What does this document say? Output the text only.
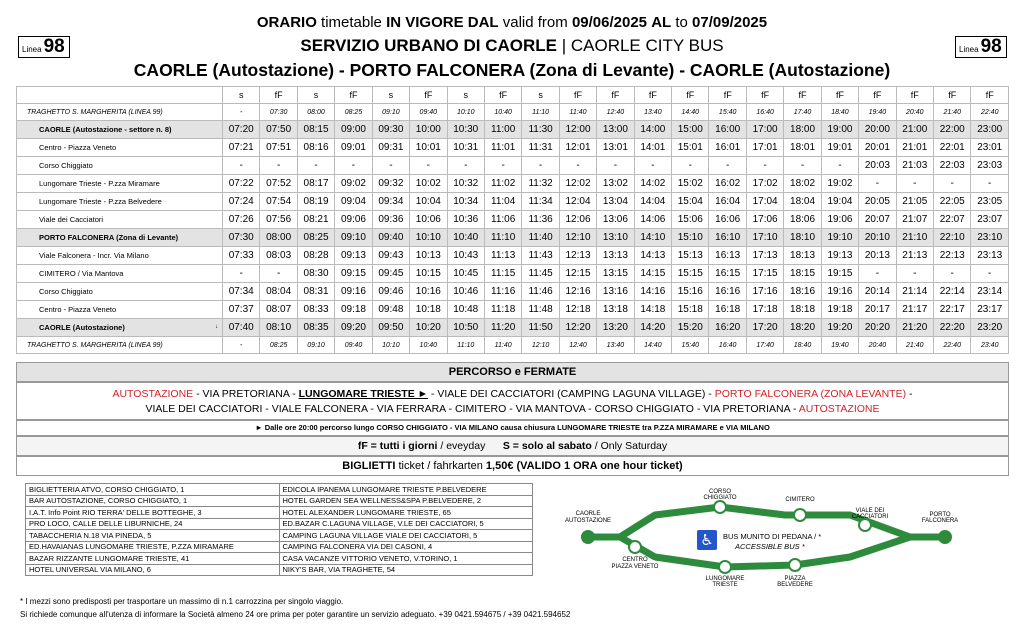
ORARIO timetable IN VIGORE DAL valid from 09/06/2025 AL to 07/09/2025
SERVIZIO URBANO DI CAORLE | CAORLE CITY BUS
CAORLE (Autostazione) - PORTO FALCONERA (Zona di Levante) - CAORLE (Autostazione)
Linea 98	Linea 98
	s	fF	s	fF	s	fF	s	fF	s	fF	fF	fF	fF	fF	fF	fF	fF	fF	fF	fF	fF
TRAGHETTO S. MARGHERITA (LINEA 99)	-	07:30	08:00	08:25	09:10	09:40	10:10	10:40	11:10	11:40	12:40	13:40	14:40	15:40	16:40	17:40	18:40	19:40	20:40	21:40	22:40
CAORLE (Autostazione - settore n. 8)	07:20	07:50	08:15	09:00	09:30	10:00	10:30	11:00	11:30	12:00	13:00	14:00	15:00	16:00	17:00	18:00	19:00	20:00	21:00	22:00	23:00
Centro - Piazza Veneto	07:21	07:51	08:16	09:01	09:31	10:01	10:31	11:01	11:31	12:01	13:01	14:01	15:01	16:01	17:01	18:01	19:01	20:01	21:01	22:01	23:01
Corso Chiggiato	-	-	-	-	-	-	-	-	-	-	-	-	-	-	-	-	-	20:03	21:03	22:03	23:03
Lungomare Trieste - P.zza Miramare	07:22	07:52	08:17	09:02	09:32	10:02	10:32	11:02	11:32	12:02	13:02	14:02	15:02	16:02	17:02	18:02	19:02	-	-	-	-
Lungomare Trieste - P.zza Belvedere	07:24	07:54	08:19	09:04	09:34	10:04	10:34	11:04	11:34	12:04	13:04	14:04	15:04	16:04	17:04	18:04	19:04	20:05	21:05	22:05	23:05
Viale dei Cacciatori	07:26	07:56	08:21	09:06	09:36	10:06	10:36	11:06	11:36	12:06	13:06	14:06	15:06	16:06	17:06	18:06	19:06	20:07	21:07	22:07	23:07
PORTO FALCONERA (Zona di Levante)	07:30	08:00	08:25	09:10	09:40	10:10	10:40	11:10	11:40	12:10	13:10	14:10	15:10	16:10	17:10	18:10	19:10	20:10	21:10	22:10	23:10
Viale Falconera - Incr. Via Milano	07:33	08:03	08:28	09:13	09:43	10:13	10:43	11:13	11:43	12:13	13:13	14:13	15:13	16:13	17:13	18:13	19:13	20:13	21:13	22:13	23:13
CIMITERO / Via Mantova	-	-	08:30	09:15	09:45	10:15	10:45	11:15	11:45	12:15	13:15	14:15	15:15	16:15	17:15	18:15	19:15	-	-	-	-
Corso Chiggiato	07:34	08:04	08:31	09:16	09:46	10:16	10:46	11:16	11:46	12:16	13:16	14:16	15:16	16:16	17:16	18:16	19:16	20:14	21:14	22:14	23:14
Centro - Piazza Veneto	07:37	08:07	08:33	09:18	09:48	10:18	10:48	11:18	11:48	12:18	13:18	14:18	15:18	16:18	17:18	18:18	19:18	20:17	21:17	22:17	23:17
CAORLE (Autostazione) ↓	07:40	08:10	08:35	09:20	09:50	10:20	10:50	11:20	11:50	12:20	13:20	14:20	15:20	16:20	17:20	18:20	19:20	20:20	21:20	22:20	23:20
TRAGHETTO S. MARGHERITA (LINEA 99)	-	08:25	09:10	09:40	10:10	10:40	11:10	11:40	12:10	12:40	13:40	14:40	15:40	16:40	17:40	18:40	19:40	20:40	21:40	22:40	23:40
PERCORSO e FERMATE
AUTOSTAZIONE - VIA PRETORIANA - LUNGOMARE TRIESTE ► - VIALE DEI CACCIATORI (CAMPING LAGUNA VILLAGE) - PORTO FALCONERA (ZONA LEVANTE) -
VIALE DEI CACCIATORI - VIALE FALCONERA - VIA FERRARA - CIMITERO - VIA MANTOVA - CORSO CHIGGIATO - VIA PRETORIANA - AUTOSTAZIONE
► Dalle ore 20:00 percorso lungo CORSO CHIGGIATO - VIA MILANO causa chiusura LUNGOMARE TRIESTE tra P.ZZA MIRAMARE e VIA MILANO
fF = tutti i giorni / eveyday      S = solo al sabato / Only Saturday
BIGLIETTI ticket / fahrkarten 1,50€ (VALIDO 1 ORA one hour ticket)
BIGLIETTERIA ATVO, CORSO CHIGGIATO, 1	EDICOLA IPANEMA LUNGOMARE TRIESTE P.BELVEDERE
BAR AUTOSTAZIONE, CORSO CHIGGIATO, 1	HOTEL GARDEN SEA WELLNESS&SPA P.BELVEDERE, 2
I.A.T. Info Point RIO TERRA' DELLE BOTTEGHE, 3	HOTEL ALEXANDER LUNGOMARE TRIESTE, 65
PRO LOCO, CALLE DELLE LIBURNICHE, 24	ED.BAZAR C.LAGUNA VILLAGE, V.LE DEI CACCIATORI, 5
TABACCHERIA N.18 VIA PINEDA, 5	CAMPING LAGUNA VILLAGE VIALE DEI CACCIATORI, 5
ED.HAVAIANAS LUNGOMARE TRIESTE, P.ZZA MIRAMARE	CAMPING FALCONERA VIA DEI CASONI, 4
BAZAR RIZZANTE LUNGOMARE TRIESTE, 41	CASA VACANZE VITTORIO VENETO, V.TORINO, 1
HOTEL UNIVERSAL VIA MILANO, 6	NIKY'S BAR, VIA TRAGHETE, 54
CAORLE
AUTOSTAZIONE
CENTRO
PIAZZA VENETO
CORSO
CHIGGIATO	CIMITERO
LUNGOMARE
TRIESTE
PIAZZA
BELVEDERE
VIALE DEI
CACCIATORI	PORTO
FALCONERA
♿ BUS MUNITO DI PEDANA / *
ACCESSIBLE BUS *
* I mezzi sono predisposti per trasportare un massimo di n.1 carrozzina per singolo viaggio.
Si richiede comunque all'utenza di informare la Società almeno 24 ore prima per poter garantire un servizio adeguato. +39 0421.594675 / +39 0421.594652
